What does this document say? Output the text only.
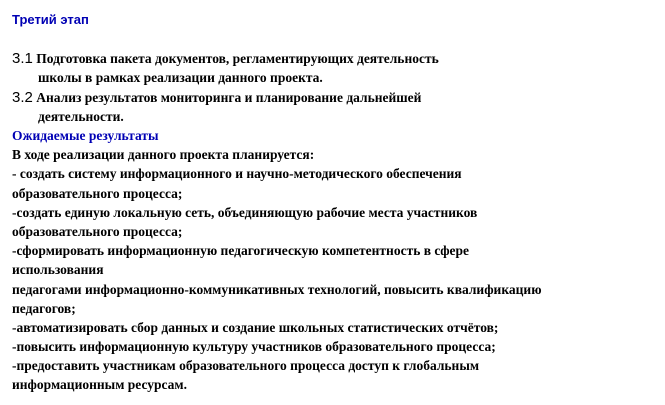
Третий этап
3.1 Подготовка пакета документов, регламентирующих деятельность
школы в рамках реализации данного проекта.
3.2 Анализ результатов мониторинга и планирование дальнейшей
деятельности.
Ожидаемые результаты
В ходе реализации данного проекта планируется:
- создать систему информационного и научно-методического обеспечения
образовательного процесса;
-создать единую локальную сеть, объединяющую рабочие места участников
образовательного процесса;
-сформировать информационную педагогическую компетентность в сфере
использования
педагогами информационно-коммуникативных технологий, повысить квалификацию
педагогов;
-автоматизировать сбор данных и создание школьных статистических отчётов;
-повысить информационную культуру участников образовательного процесса;
-предоставить участникам образовательного процесса доступ к глобальным
информационным ресурсам.
